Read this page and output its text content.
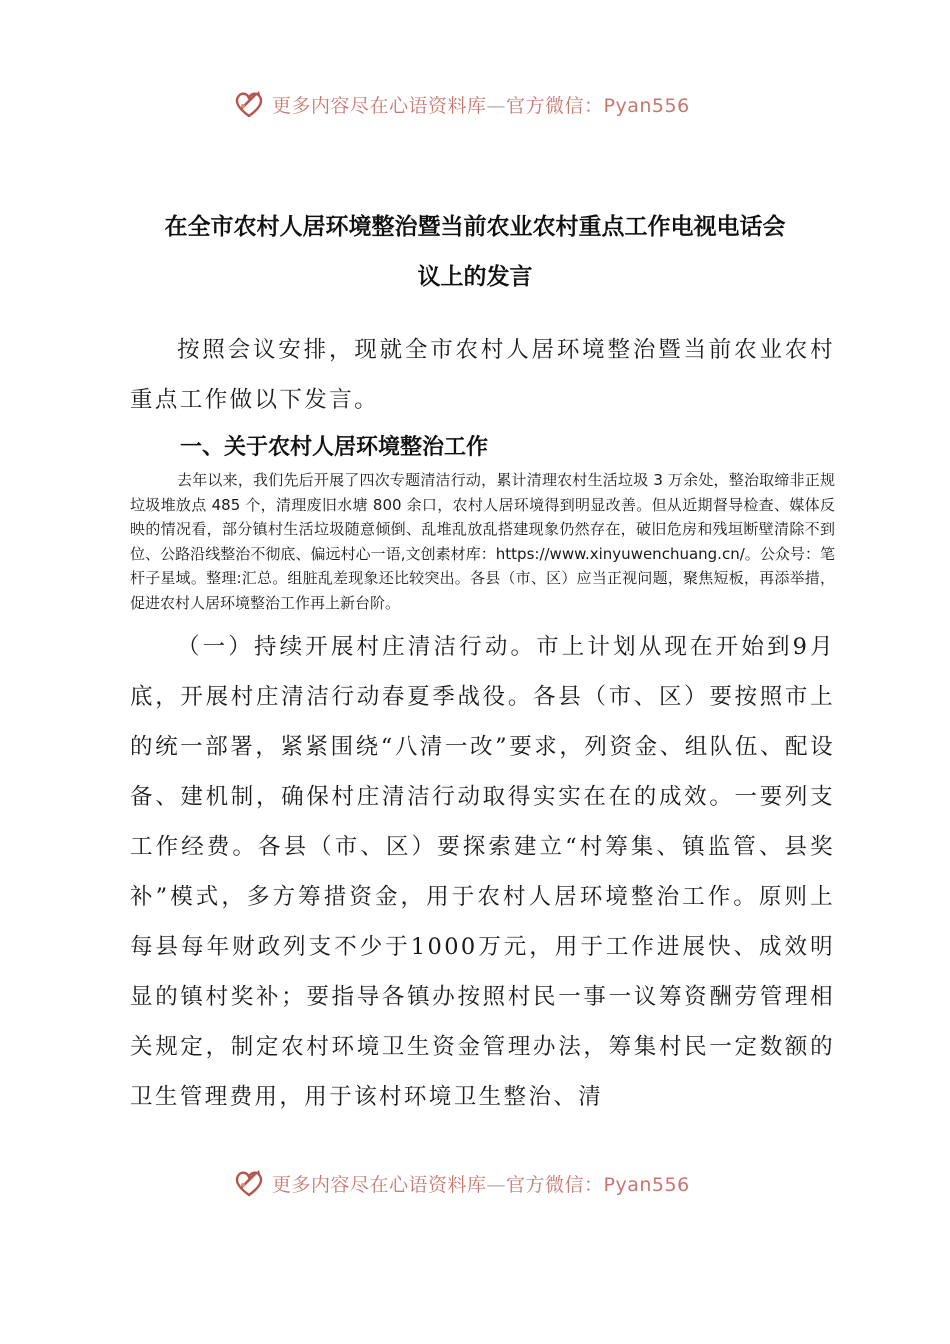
更多内容尽在心语资料库—官方微信：Pyan556
在全市农村人居环境整治暨当前农业农村重点工作电视电话会
议上的发言
按照会议安排，现就全市农村人居环境整治暨当前农业农村重点工作做以下发言。
一、关于农村人居环境整治工作
去年以来，我们先后开展了四次专题清洁行动，累计清理农村生活垃圾 3 万余处，整治取缔非正规垃圾堆放点 485 个，清理废旧水塘 800 余口，农村人居环境得到明显改善。但从近期督导检查、媒体反映的情况看，部分镇村生活垃圾随意倾倒、乱堆乱放乱搭建现象仍然存在，破旧危房和残垣断壁清除不到位、公路沿线整治不彻底、偏远村心一语,文创素材库：https://www.xinyuwenchuang.cn/。公众号：笔杆子星域。整理:汇总。组脏乱差现象还比较突出。各县（市、区）应当正视问题，聚焦短板，再添举措，促进农村人居环境整治工作再上新台阶。
（一）持续开展村庄清洁行动。市上计划从现在开始到9月底，开展村庄清洁行动春夏季战役。各县（市、区）要按照市上的统一部署，紧紧围绕“八清一改”要求，列资金、组队伍、配设备、建机制，确保村庄清洁行动取得实实在在的成效。一要列支工作经费。各县（市、区）要探索建立“村筹集、镇监管、县奖补”模式，多方筹措资金，用于农村人居环境整治工作。原则上每县每年财政列支不少于1000万元，用于工作进展快、成效明显的镇村奖补；要指导各镇办按照村民一事一议筹资酬劳管理相关规定，制定农村环境卫生资金管理办法，筹集村民一定数额的卫生管理费用，用于该村环境卫生整治、清
更多内容尽在心语资料库—官方微信：Pyan556
